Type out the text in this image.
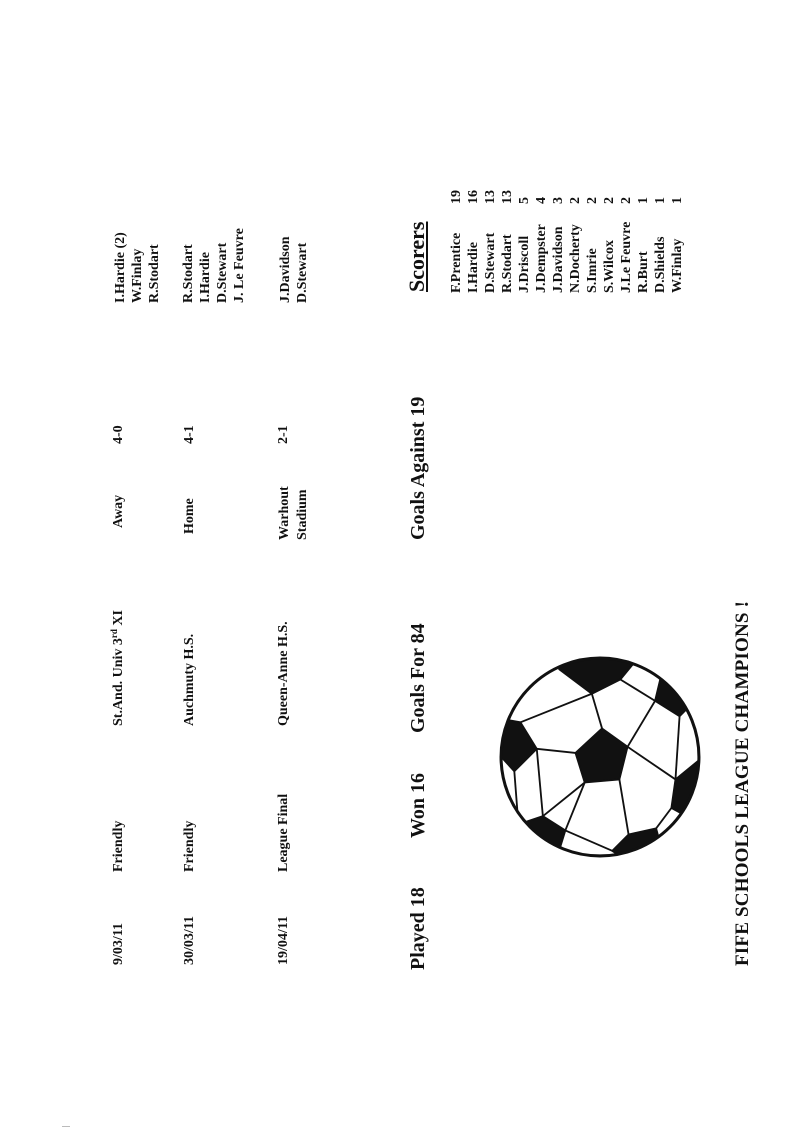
9/03/11
Friendly
St.And. Univ 3rd XI
Away
4-0
I.Hardie (2) W.Finlay R.Stodart
30/03/11
Friendly
Auchmuty H.S.
Home
4-1
R.Stodart I.Hardie D.Stewart J. Le Feuvre
19/04/11
League Final
Queen-Anne H.S.
Warhout Stadium
2-1
J.Davidson D.Stewart
Played 18
Won 16
Goals For 84
Goals Against 19
Scorers F.Prentice I.Hardie D.Stewart R.Stodart J.Driscoll J.Dempster J.Davidson N.Docherty S.Imrie S.Wilcox J.Le Feuvre R.Burt D.Shields W.Finlay
19 16 13 13 5 4 3 2 2 2 2 1 1 1
FIFE SCHOOLS LEAGUE CHAMPIONS !
